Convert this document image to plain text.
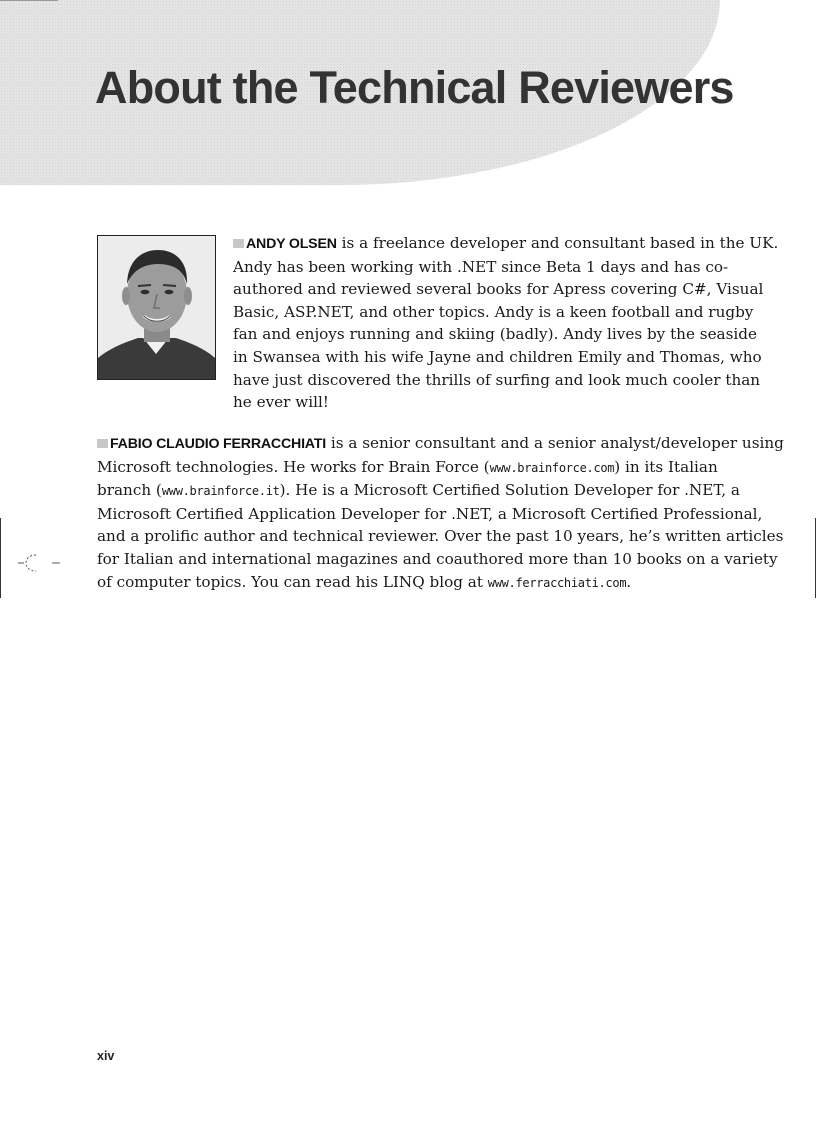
About the Technical Reviewers
ANDY OLSEN is a freelance developer and consultant based in the UK.
Andy has been working with .NET since Beta 1 days and has co-
authored and reviewed several books for Apress covering C#, Visual
Basic, ASP.NET, and other topics. Andy is a keen football and rugby
fan and enjoys running and skiing (badly). Andy lives by the seaside
in Swansea with his wife Jayne and children Emily and Thomas, who
have just discovered the thrills of surfing and look much cooler than
he ever will!
FABIO CLAUDIO FERRACCHIATI is a senior consultant and a senior analyst/developer using
Microsoft technologies. He works for Brain Force (www.brainforce.com) in its Italian
branch (www.brainforce.it). He is a Microsoft Certified Solution Developer for .NET, a
Microsoft Certified Application Developer for .NET, a Microsoft Certified Professional,
and a prolific author and technical reviewer. Over the past 10 years, he’s written articles
for Italian and international magazines and coauthored more than 10 books on a variety
of computer topics. You can read his LINQ blog at www.ferracchiati.com.
xiv
